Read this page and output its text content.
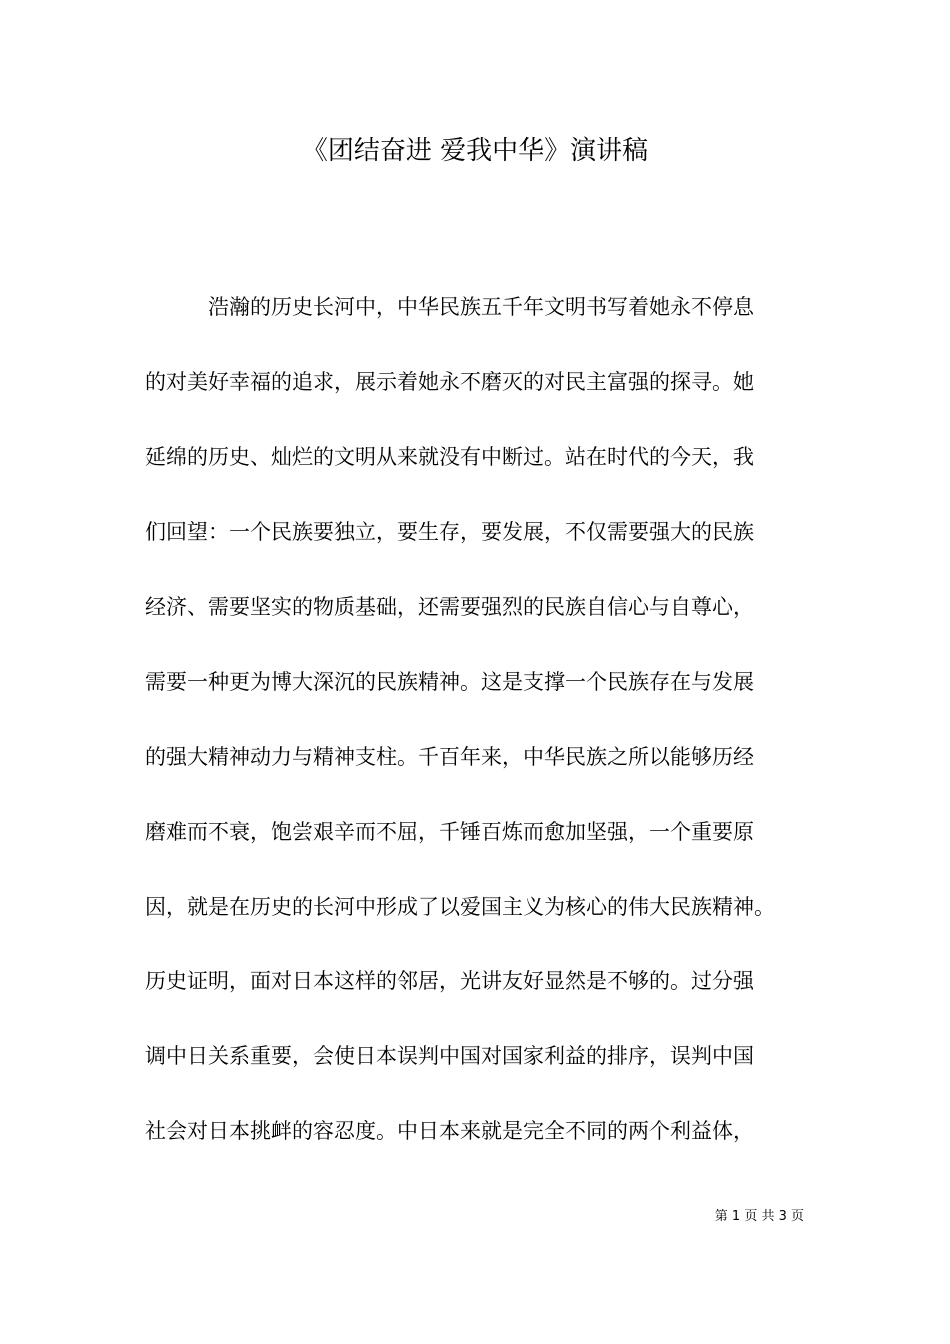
《团结奋进 爱我中华》演讲稿
　　　浩瀚的历史长河中，中华民族五千年文明书写着她永不停息
的对美好幸福的追求，展示着她永不磨灭的对民主富强的探寻。她
延绵的历史、灿烂的文明从来就没有中断过。站在时代的今天，我
们回望：一个民族要独立，要生存，要发展，不仅需要强大的民族
经济、需要坚实的物质基础，还需要强烈的民族自信心与自尊心，
需要一种更为博大深沉的民族精神。这是支撑一个民族存在与发展
的强大精神动力与精神支柱。千百年来，中华民族之所以能够历经
磨难而不衰，饱尝艰辛而不屈，千锤百炼而愈加坚强，一个重要原
因，就是在历史的长河中形成了以爱国主义为核心的伟大民族精神。
历史证明，面对日本这样的邻居，光讲友好显然是不够的。过分强
调中日关系重要，会使日本误判中国对国家利益的排序，误判中国
社会对日本挑衅的容忍度。中日本来就是完全不同的两个利益体，
第 1 页 共 3 页
